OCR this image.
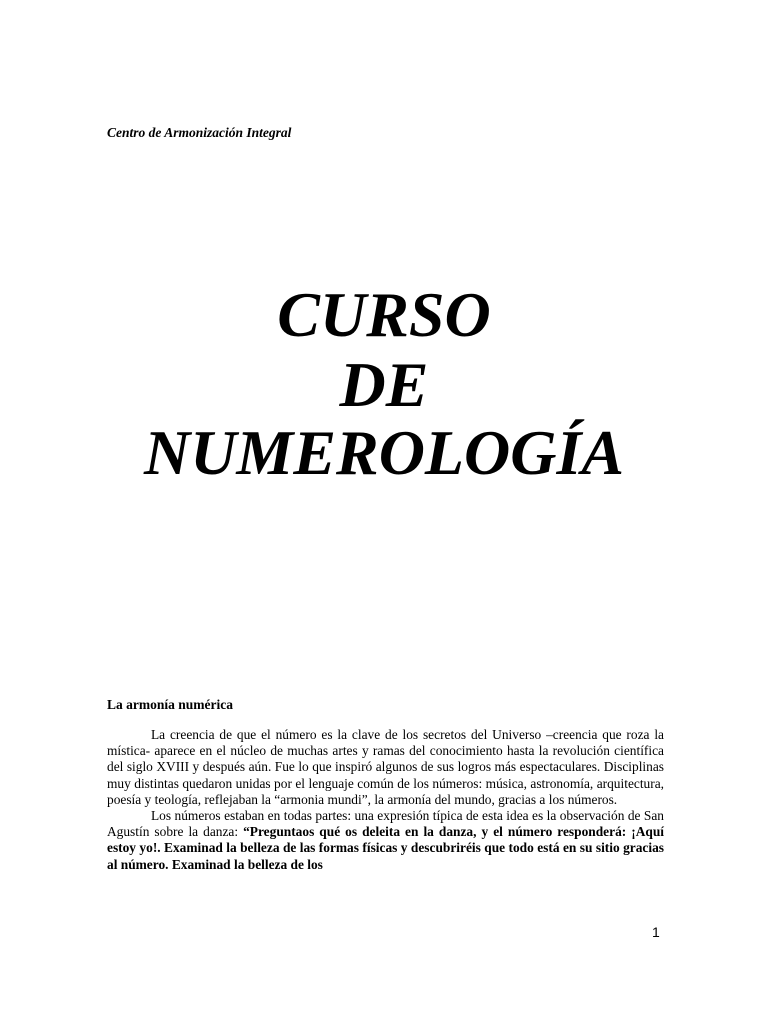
Centro de Armonización Integral
CURSO
DE
NUMEROLOGÍA
La armonía numérica

La creencia de que el número es la clave de los secretos del Universo –creencia que roza la mística- aparece en el núcleo de muchas artes y ramas del conocimiento hasta la revolución científica del siglo XVIII y después aún. Fue lo que inspiró algunos de sus logros más espectaculares. Disciplinas muy distintas quedaron unidas por el lenguaje común de los números: música, astronomía, arquitectura, poesía y teología, reflejaban la “armonia mundi”, la armonía del mundo, gracias a los números.

Los números estaban en todas partes: una expresión típica de esta idea es la observación de San Agustín sobre la danza: “Preguntaos qué os deleita en la danza, y el número responderá: ¡Aquí estoy yo!. Examinad la belleza de las formas físicas y descubriréis que todo está en su sitio gracias al número. Examinad la belleza de los

1
